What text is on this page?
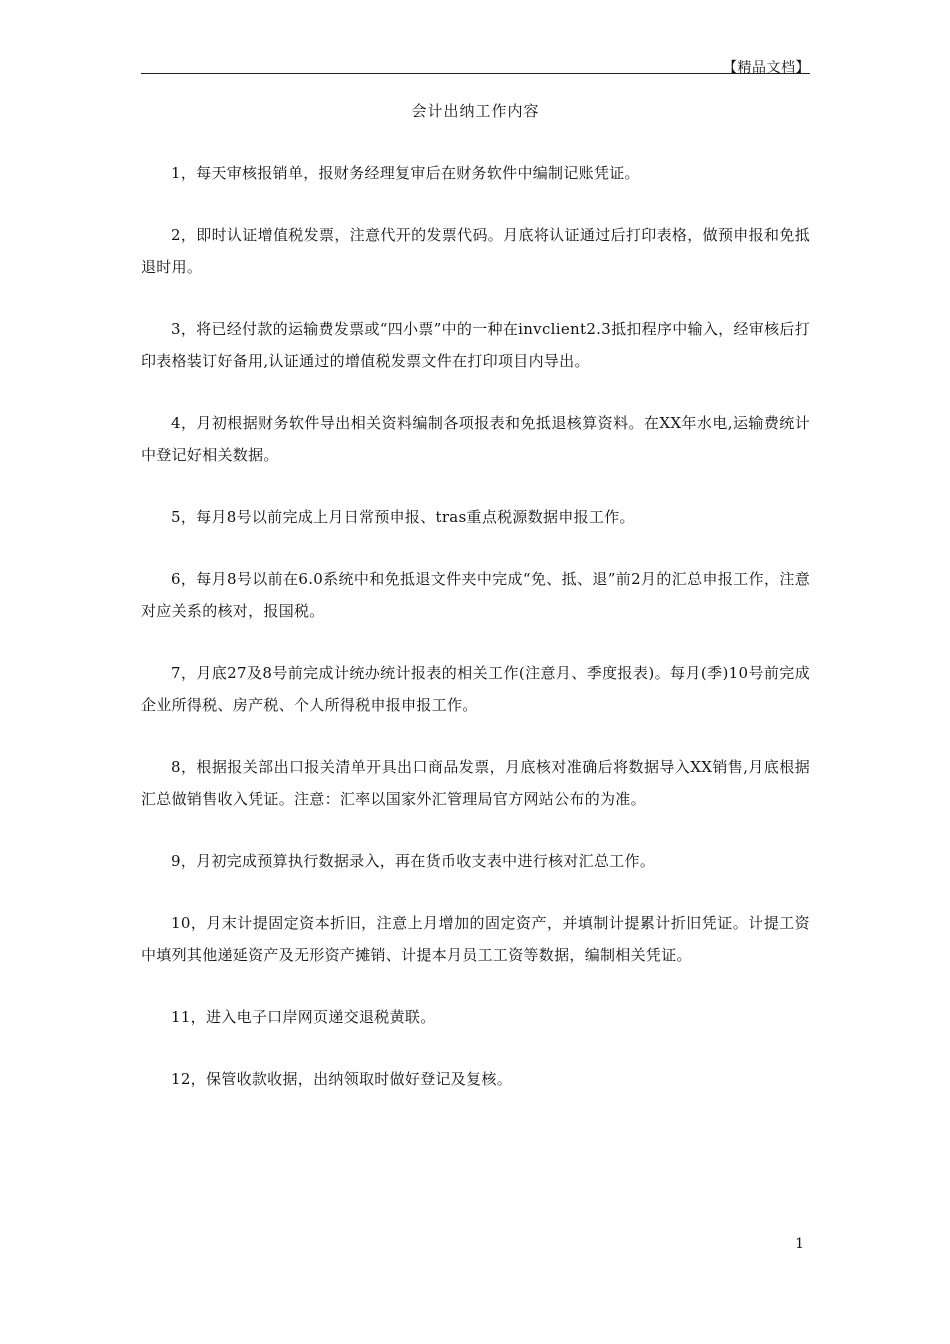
【精品文档】
会计出纳工作内容

1，每天审核报销单，报财务经理复审后在财务软件中编制记账凭证。

2，即时认证增值税发票，注意代开的发票代码。月底将认证通过后打印表格，做预申报和免抵退时用。

3，将已经付款的运输费发票或“四小票”中的一种在invclient2.3抵扣程序中输入，经审核后打印表格装订好备用,认证通过的增值税发票文件在打印项目内导出。

4，月初根据财务软件导出相关资料编制各项报表和免抵退核算资料。在XX年水电,运输费统计中登记好相关数据。

5，每月8号以前完成上月日常预申报、tras重点税源数据申报工作。

6，每月8号以前在6.0系统中和免抵退文件夹中完成“免、抵、退”前2月的汇总申报工作，注意对应关系的核对，报国税。

7，月底27及8号前完成计统办统计报表的相关工作(注意月、季度报表)。每月(季)10号前完成企业所得税、房产税、个人所得税申报申报工作。

8，根据报关部出口报关清单开具出口商品发票，月底核对准确后将数据导入XX销售,月底根据汇总做销售收入凭证。注意：汇率以国家外汇管理局官方网站公布的为准。

9，月初完成预算执行数据录入，再在货币收支表中进行核对汇总工作。

10，月末计提固定资本折旧，注意上月增加的固定资产，并填制计提累计折旧凭证。计提工资中填列其他递延资产及无形资产摊销、计提本月员工工资等数据，编制相关凭证。

11，进入电子口岸网页递交退税黄联。

12，保管收款收据，出纳领取时做好登记及复核。

1
